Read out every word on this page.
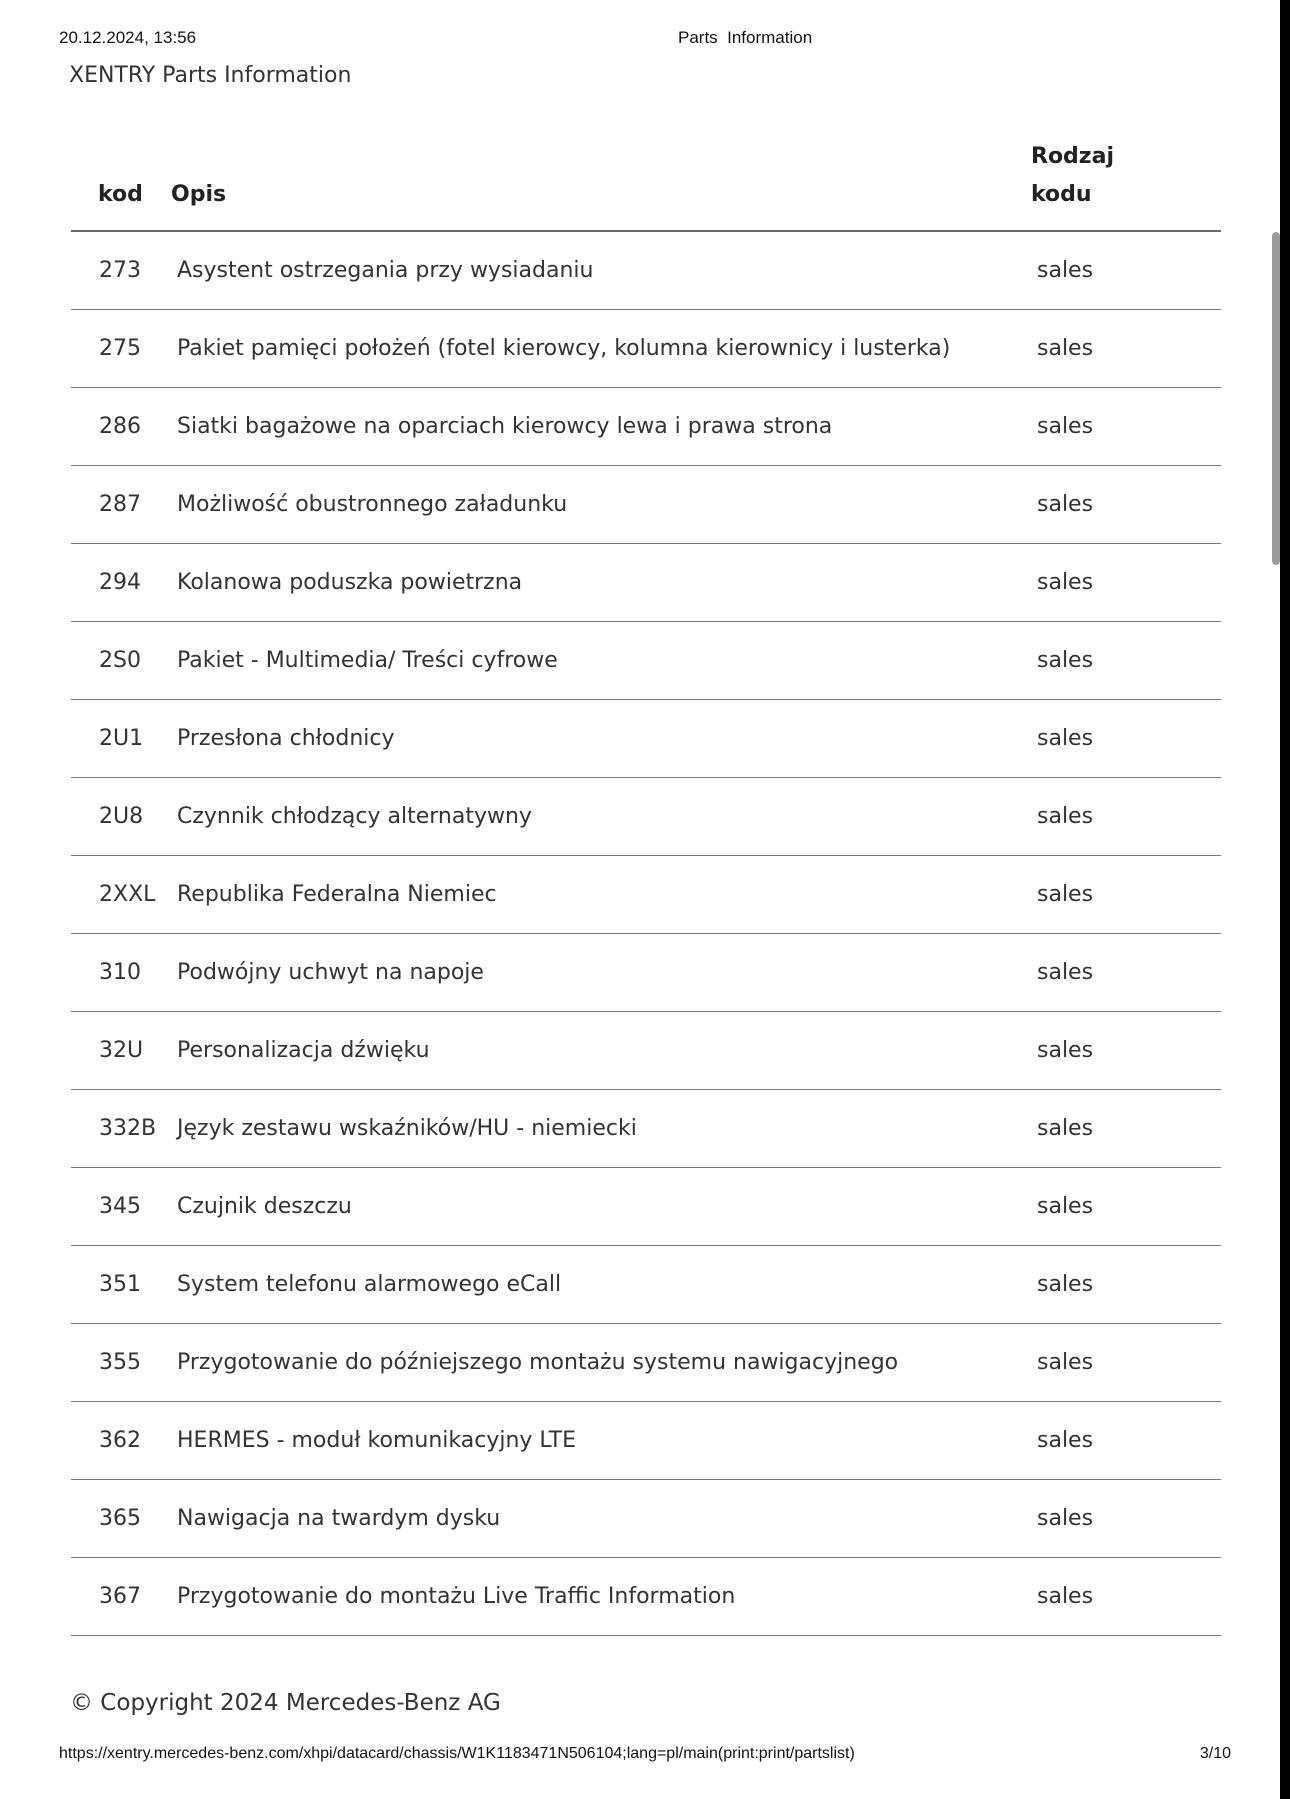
20.12.2024, 13:56	Parts  Information
XENTRY Parts Information
kod	Opis	Rodzaj
kodu

273	Asystent ostrzegania przy wysiadaniu	sales
275	Pakiet pamięci położeń (fotel kierowcy, kolumna kierownicy i lusterka)	sales
286	Siatki bagażowe na oparciach kierowcy lewa i prawa strona	sales
287	Możliwość obustronnego załadunku	sales
294	Kolanowa poduszka powietrzna	sales
2S0	Pakiet - Multimedia/ Treści cyfrowe	sales
2U1	Przesłona chłodnicy	sales
2U8	Czynnik chłodzący alternatywny	sales
2XXL	Republika Federalna Niemiec	sales
310	Podwójny uchwyt na napoje	sales
32U	Personalizacja dźwięku	sales
332B	Język zestawu wskaźników/HU - niemiecki	sales
345	Czujnik deszczu	sales
351	System telefonu alarmowego eCall	sales
355	Przygotowanie do późniejszego montażu systemu nawigacyjnego	sales
362	HERMES - moduł komunikacyjny LTE	sales
365	Nawigacja na twardym dysku	sales
367	Przygotowanie do montażu Live Traffic Information	sales
© Copyright 2024 Mercedes-Benz AG
https://xentry.mercedes-benz.com/xhpi/datacard/chassis/W1K1183471N506104;lang=pl/main(print:print/partslist)	3/10
